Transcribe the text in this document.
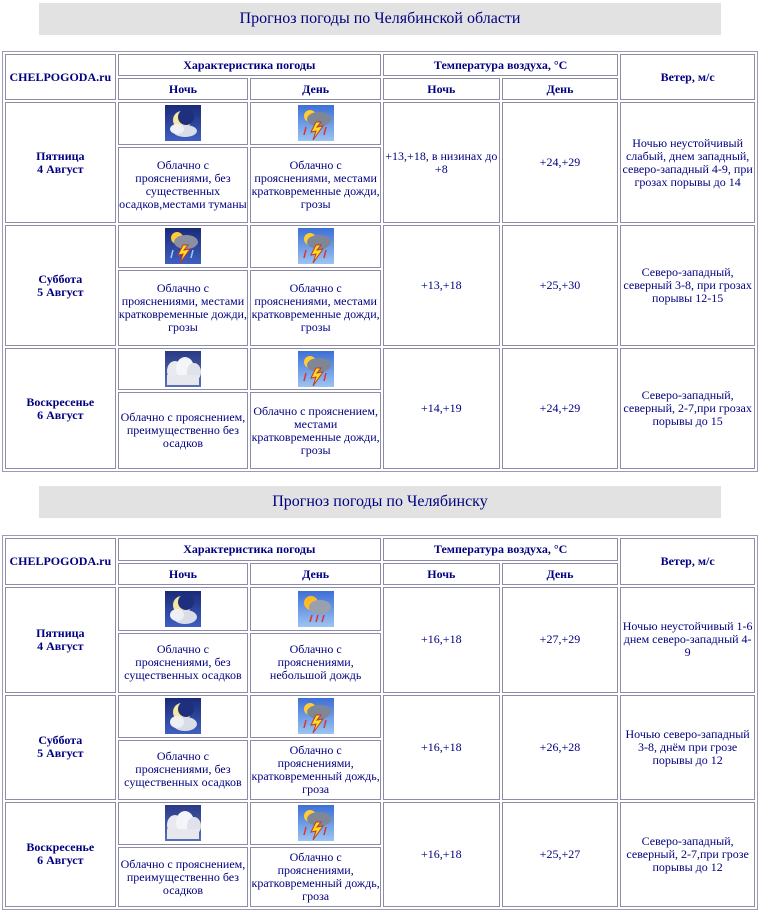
Прогноз погоды по Челябинской области
CHELPOGODA.ru	Характеристика погоды		Температура воздуха, °С		Ветер, м/с
	Ночь	День	Ночь	День	
Пятница
4 Август			+13,+18, в низинах до +8	+24,+29	Ночью неустойчивый слабый, днем западный, северо-западный 4-9, при грозах порывы до 14
	Облачно с прояснениями, без существенных осадков,местами туманы	Облачно с прояснениями, местами кратковременные дожди, грозы			
Суббота
5 Август			+13,+18	+25,+30	Северо-западный, северный 3-8, при грозах порывы 12-15
	Облачно с прояснениями, местами кратковременные дожди, грозы	Облачно с прояснениями, местами кратковременные дожди, грозы			
Воскресенье
6 Август			+14,+19	+24,+29	Северо-западный, северный, 2-7,при грозах порывы до 15
	Облачно с прояснением, преимущественно без осадков	Облачно с прояснением, местами кратковременные дожди, грозы			
Прогноз погоды по Челябинску
CHELPOGODA.ru	Характеристика погоды		Температура воздуха, °С		Ветер, м/с
	Ночь	День	Ночь	День	
Пятница
4 Август			+16,+18	+27,+29	Ночью неустойчивый 1-6 днем северо-западный 4-9
	Облачно с прояснениями, без существенных осадков	Облачно с прояснениями, небольшой дождь			
Суббота
5 Август			+16,+18	+26,+28	Ночью северо-западный 3-8, днём при грозе порывы до 12
	Облачно с прояснениями, без существенных осадков	Облачно с прояснениями, кратковременный дождь, гроза			
Воскресенье
6 Август			+16,+18	+25,+27	Северо-западный, северный, 2-7,при грозе порывы до 12
	Облачно с прояснением, преимущественно без осадков	Облачно с прояснениями, кратковременный дождь, гроза			
